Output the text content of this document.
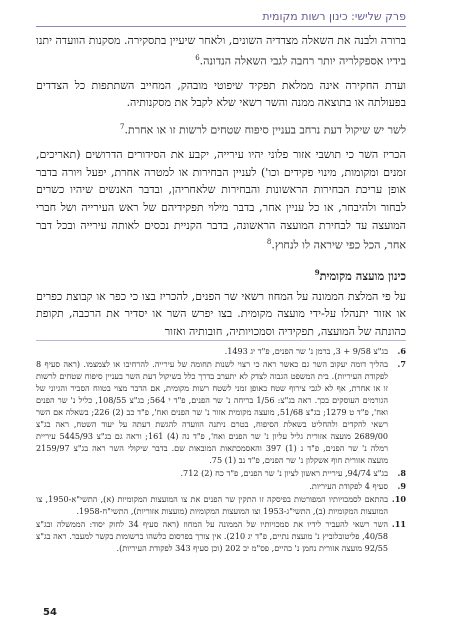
פרק שלישי: כינון רשות מקומית

ברורה ולבנה את השאלה מצדדיה השונים, ולאחר שיעיין בתסקירה. מסקנות הוועדה יתנו בידיו אספקלריה יותר רחבה לגבי השאלה הנדונה.$^6$

ועדת החקירה אינה ממלאת תפקיד שיפוטי מובהק, המחייב השתתפות כל הצדדים בפעולתה או בתוצאה ממנה והשר רשאי שלא לקבל את מסקנותיה.

לשר יש שיקול דעת נרחב בעניין סיפוח שטחים לרשות זו או אחרת.$^7$

הכריז השר כי תושבי אזור פלוני יהיו עירייה, יקבע את הסידורים הדרושים (תאריכים, זמנים ומקומות, מינוי פקידים וכו') לעניין הבחירות או למטרה אחרת, יפעל ויורה בדבר אופן עריכת הבחירות הראשונות והבחירות שלאחריהן, ובדבר האנשים שיהיו כשרים לבחור ולהיבחר, או כל עניין אחר, בדבר מילוי תפקידיהם של ראש העירייה ושל חברי המועצה עד לבחירת המועצה הראשונה, בדבר הקניית נכסים לאותה עירייה ובכל דבר אחר, הכל כפי שיראה לו לנחוץ.$^8$

כינון מועצה מקומית$^9$

על פי המלצת הממונה על המחוז רשאי שר הפנים, להכריז בצו כי כפר או קבוצת כפרים או אזור יתנהלו על-ידי מועצה מקומית. בצו יפרש השר או יסדיר את הרכבה, תקופת כהונתה של המועצה, תפקידיה וסמכויותיה, חובותיה ואזור

6.
בג"צ 9/58 + 3, ברמן נ' שר הפנים, פ"ד יג 1493.
7.
בהליך דומה יעקוב השר גם כאשר ראה כי רצוי לשנות תחומה של עירייה. להרחיבו או לצמצמו. (ראה סעיף 8 לפקודת העיריות). בית המשפט הגבוה לצדק לא יתערב בדרך כלל בשיקול דעת השר בעניין סיפוח שטחים לרשות זו או אחרת, אף לא לגבי צירוף שטח באופן זמני לשטח רשות מקומית, אם הדבר מצוי בטווח הסביר והגיוני של הגורמים העוסקים בכך. ראה בג"צ: 1/56 בריחה נ' שר הפנים, פ"ד י 564; בג"צ 108/55, כליל נ' שר הפנים ואח', פ"ד ט 1279; בג"צ 51/68, מועצה מקומית אזור נ' שר הפנים ואח', פ"ד כב (2) 226; בשאלה אם השר רשאי להקדים ולהחליט בשאלת הסיפוח, בטרם ניתנה הוועדה להגשת דעתה על יעוד השטח, ראה בג"צ 2689/00 מועצה אזורית גליל עליון נ' שר הפנים ואח', פ"ד נה (4) 161; וראה גם בג"צ 5445/93 עיריית רמלה נ' שר הפנים, פ"ד נ (1) 397 והאסמכתאות המובאות שם. בדבר שיקולי השר ראה בג"צ 2159/97 מועצה אזורית חוף אשקלון נ' שר הפנים, פ"ד נב (1) 75.
8.
בג"צ 94/74, עיריית ראשון לציון נ' שר הפנים, פ"ד כח (2) 712.
9.
סעיף 4 לפקודת העיריות.
10.
בהתאם לסמכויותיו המפורטות בפיסקה זו התקין שר הפנים את צו המועצות המקומיות (א), התשי"א-1950, צו המועצות המקומיות (ב), התשי"ג-1953 וצו המועצות המקומיות (מועצות אזוריות), התשי"ח-1958.
11.
השר רשאי להעביר לידיו את סמכויותיו של הממונה על המחוז (ראה סעיף 34 לחוק יסוד: הממשלה ובג"צ 40/58, פליטובלוביץ נ' מועצת נתיים, פ"ד יג 210). אין צורך בפרסום כלשהו ברשומות בקשר למעבר. ראה בג"צ 92/55 מועצה אזורית נחמן נ' כהיים, פס"מ יב 202 (וכן סעיף 343 לפקודת העיריות).
54
